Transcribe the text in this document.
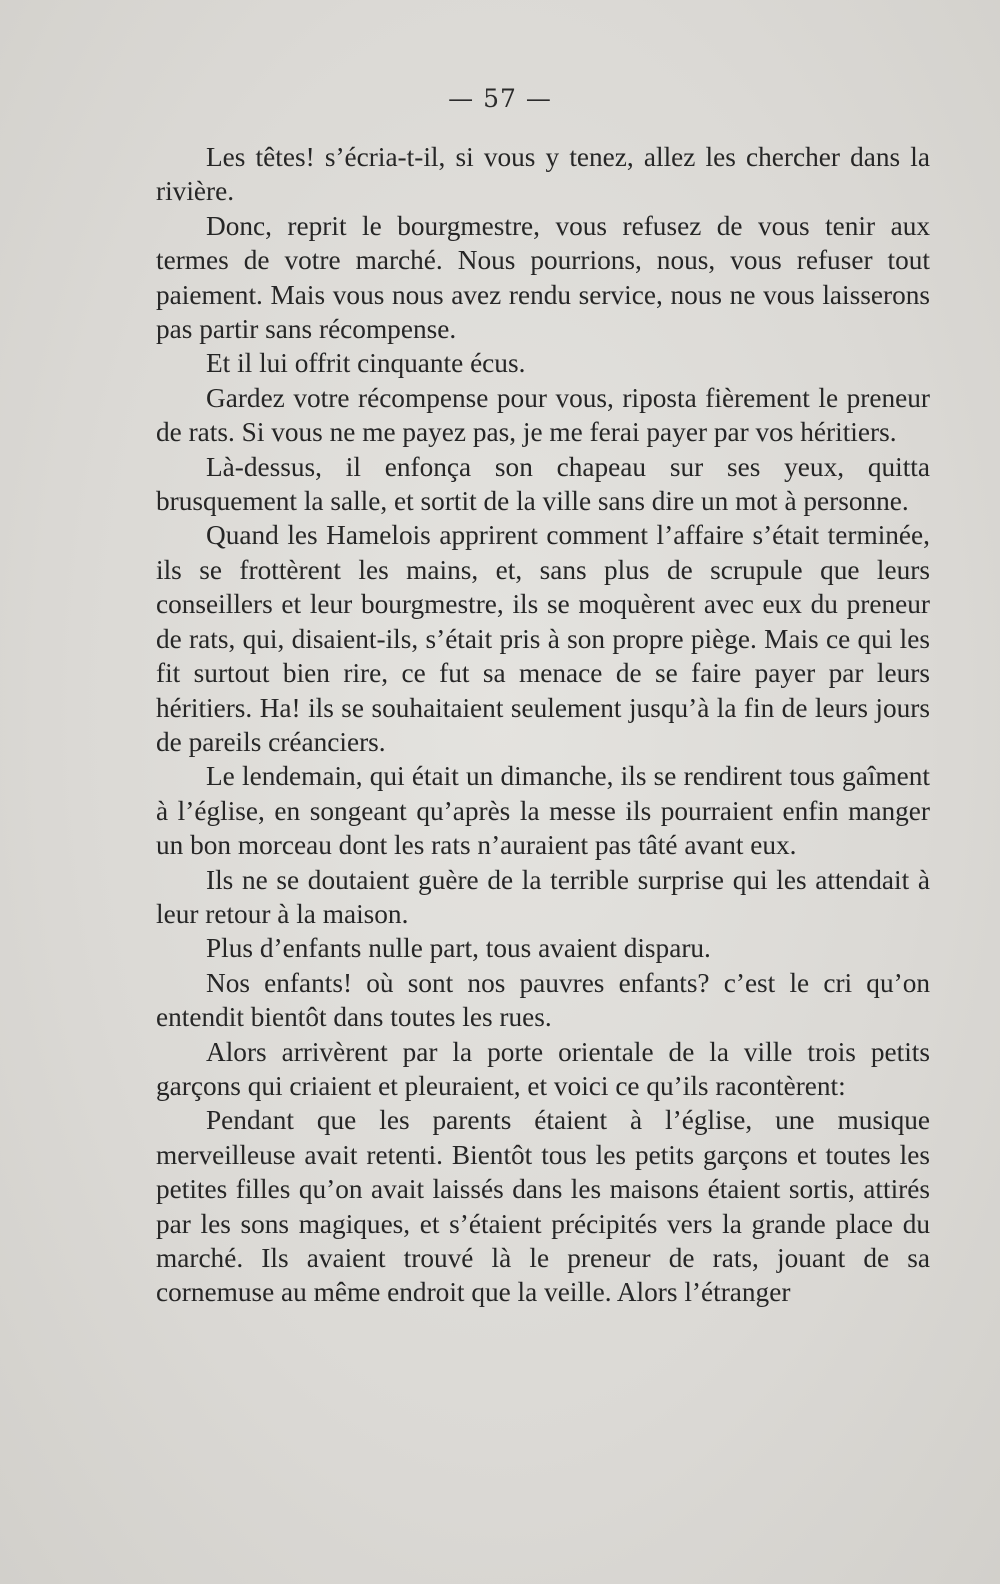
— 57 —

Les têtes! s’écria-t-il, si vous y tenez, allez les chercher dans la rivière.

Donc, reprit le bourgmestre, vous refusez de vous tenir aux termes de votre marché. Nous pourrions, nous, vous refuser tout paiement. Mais vous nous avez rendu service, nous ne vous laisserons pas partir sans récompense.

Et il lui offrit cinquante écus.

Gardez votre récompense pour vous, riposta fièrement le preneur de rats. Si vous ne me payez pas, je me ferai payer par vos héritiers.

Là-dessus, il enfonça son chapeau sur ses yeux, quitta brusquement la salle, et sortit de la ville sans dire un mot à personne.

Quand les Hamelois apprirent comment l’affaire s’était terminée, ils se frottèrent les mains, et, sans plus de scrupule que leurs conseillers et leur bourgmestre, ils se moquèrent avec eux du preneur de rats, qui, disaient-ils, s’était pris à son propre piège. Mais ce qui les fit surtout bien rire, ce fut sa menace de se faire payer par leurs héritiers. Ha! ils se souhaitaient seulement jusqu’à la fin de leurs jours de pareils créanciers.

Le lendemain, qui était un dimanche, ils se rendirent tous gaîment à l’église, en songeant qu’après la messe ils pourraient enfin manger un bon morceau dont les rats n’auraient pas tâté avant eux.

Ils ne se doutaient guère de la terrible surprise qui les attendait à leur retour à la maison.

Plus d’enfants nulle part, tous avaient disparu.

Nos enfants! où sont nos pauvres enfants? c’est le cri qu’on entendit bientôt dans toutes les rues.

Alors arrivèrent par la porte orientale de la ville trois petits garçons qui criaient et pleuraient, et voici ce qu’ils racontèrent:

Pendant que les parents étaient à l’église, une musique merveilleuse avait retenti. Bientôt tous les petits garçons et toutes les petites filles qu’on avait laissés dans les maisons étaient sortis, attirés par les sons magiques, et s’étaient précipités vers la grande place du marché. Ils avaient trouvé là le preneur de rats, jouant de sa cornemuse au même endroit que la veille. Alors l’étranger
